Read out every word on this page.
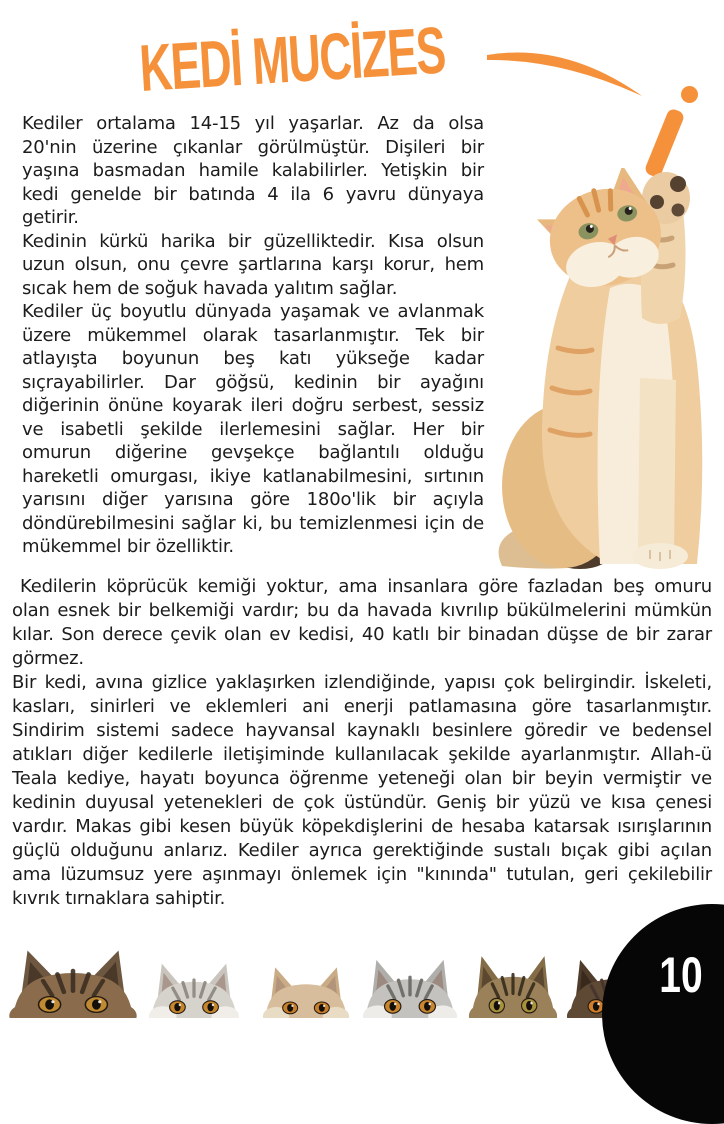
KEDİ MUCİZES

Kediler ortalama 14-15 yıl yaşarlar. Az da olsa 20'nin üzerine çıkanlar görülmüştür. Dişileri bir yaşına basmadan hamile kalabilirler. Yetişkin bir kedi genelde bir batında 4 ila 6 yavru dünyaya getirir.

Kedinin kürkü harika bir güzelliktedir. Kısa olsun uzun olsun, onu çevre şartlarına karşı korur, hem sıcak hem de soğuk havada yalıtım sağlar.

Kediler üç boyutlu dünyada yaşamak ve avlanmak üzere mükemmel olarak tasarlanmıştır. Tek bir atlayışta boyunun beş katı yükseğe kadar sıçrayabilirler. Dar göğsü, kedinin bir ayağını diğerinin önüne koyarak ileri doğru serbest, sessiz ve isabetli şekilde ilerlemesini sağlar. Her bir omurun diğerine gevşekçe bağlantılı olduğu hareketli omurgası, ikiye katlanabilmesini, sırtının yarısını diğer yarısına göre 180o'lik bir açıyla döndürebilmesini sağlar ki, bu temizlenmesi için de mükemmel bir özelliktir.

Kedilerin köprücük kemiği yoktur, ama insanlara göre fazladan beş omuru olan esnek bir belkemiği vardır; bu da havada kıvrılıp bükülmelerini mümkün kılar. Son derece çevik olan ev kedisi, 40 katlı bir binadan düşse de bir zarar görmez.

Bir kedi, avına gizlice yaklaşırken izlendiğinde, yapısı çok belirgindir. İskeleti, kasları, sinirleri ve eklemleri ani enerji patlamasına göre tasarlanmıştır. Sindirim sistemi sadece hayvansal kaynaklı besinlere göredir ve bedensel atıkları diğer kedilerle iletişiminde kullanılacak şekilde ayarlanmıştır. Allah-ü Teala kediye, hayatı boyunca öğrenme yeteneği olan bir beyin vermiştir ve kedinin duyusal yetenekleri de çok üstündür. Geniş bir yüzü ve kısa çenesi vardır. Makas gibi kesen büyük köpekdişlerini de hesaba katarsak ısırışlarının güçlü olduğunu anlarız. Kediler ayrıca gerektiğinde sustalı bıçak gibi açılan ama lüzumsuz yere aşınmayı önlemek için "kınında" tutulan, geri çekilebilir kıvrık tırnaklara sahiptir.

10
